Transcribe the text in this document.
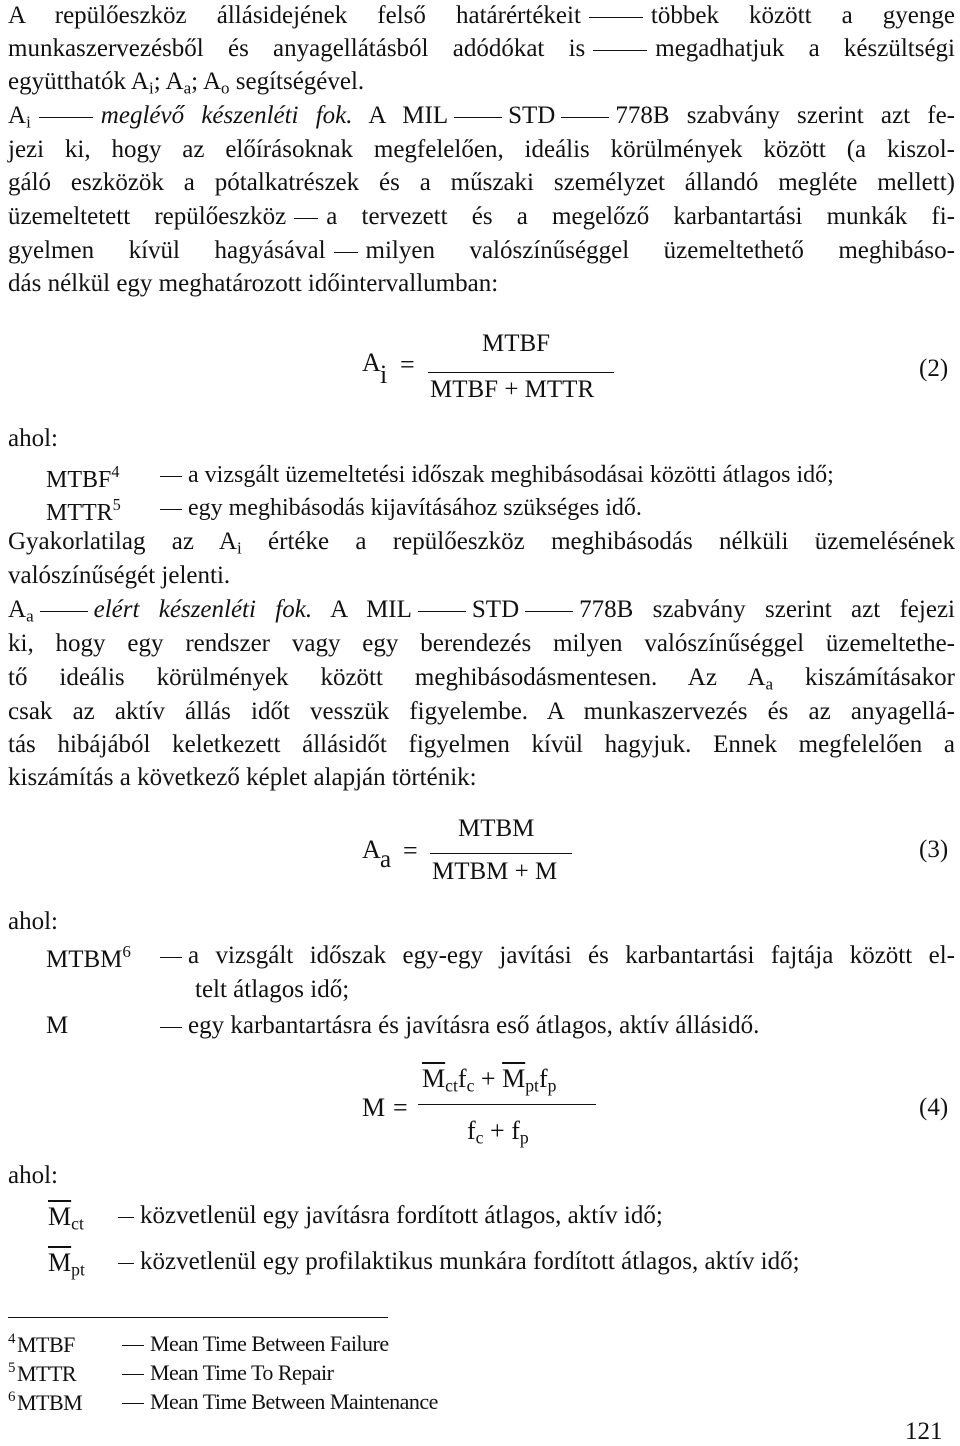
A repülőeszköz állásidejének felső határértékeit	többek között a gyenge
munkaszervezésből és anyagellátásból adódókat is	megadhatjuk a készültségi
együtthatók $A_i$; $A_a$; $A_o$ segítségével.
$A_i$	meglévő készenléti fok. A MIL STD 778B szabvány szerint azt fe-
jezi ki, hogy az előírásoknak megfelelően, ideális körülmények között (a kiszol-
gáló eszközök a pótalkatrészek és a műszaki személyzet állandó megléte mellett)
üzemeltetett repülőeszköz a tervezett és a megelőző karbantartási munkák fi-
gyelmen kívül hagyásával milyen valószínűséggel üzemeltethető meghibáso-
dás nélkül egy meghatározott időintervallumban:
A i =
MTBF
MTBF + MTTR
(2)
ahol:
MTBF$^4$	a vizsgált üzemeltetési időszak meghibásodásai közötti átlagos idő;
MTTR$^5$	egy meghibásodás kijavításához szükséges idő.
Gyakorlatilag az $A_i$ értéke a repülőeszköz meghibásodás nélküli üzemelésének
valószínűségét jelenti.
$A_a$ elért készenléti fok. A MIL STD 778B szabvány szerint azt fejezi
ki, hogy egy rendszer vagy egy berendezés milyen valószínűséggel üzemeltethe-
tő ideális körülmények között meghibásodásmentesen. Az $A_a$ kiszámításakor
csak az aktív állás időt vesszük figyelembe. A munkaszervezés és az anyagellá-
tás hibájából keletkezett állásidőt figyelmen kívül hagyjuk. Ennek megfelelően a
kiszámítás a következő képlet alapján történik:
A a =
MTBM
MTBM + M
(3)
ahol:
MTBM$^6$	a vizsgált időszak egy-egy javítási és karbantartási fajtája között el-
telt átlagos idő;
M	egy karbantartásra és javításra eső átlagos, aktív állásidő.
M =
$\overline{M}_{ct}f_c + \overline{M}_{pt}f_p$
$f_c + f_p$
(4)
ahol:
$\overline{M}_{ct}$	közvetlenül egy javításra fordított átlagos, aktív idő;
$\overline{M}_{pt}$	közvetlenül egy profilaktikus munkára fordított átlagos, aktív idő;
$^4$MTBF	Mean Time Between Failure
$^5$MTTR	Mean Time To Repair
$^6$MTBM	Mean Time Between Maintenance
121
